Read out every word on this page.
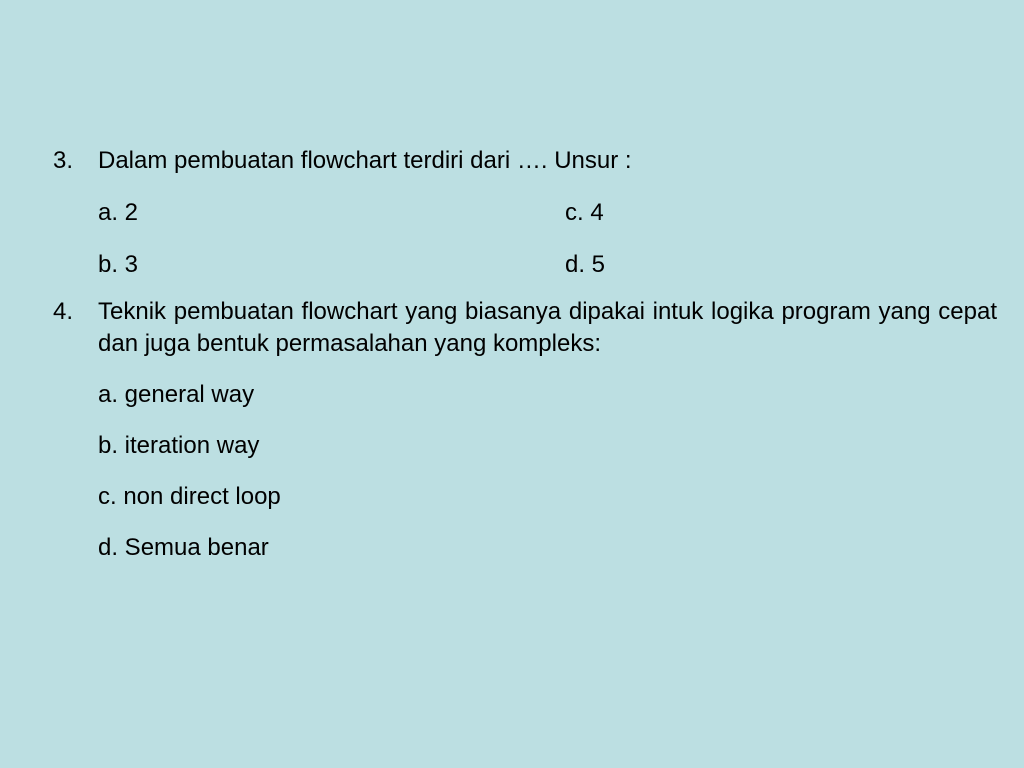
3. Dalam pembuatan flowchart terdiri dari …. Unsur :
a. 2	c. 4
b. 3	d. 5
4. Teknik pembuatan flowchart yang biasanya dipakai intuk logika program yang cepat dan juga bentuk permasalahan yang kompleks:
a. general way
b. iteration way
c. non direct loop
d. Semua benar
